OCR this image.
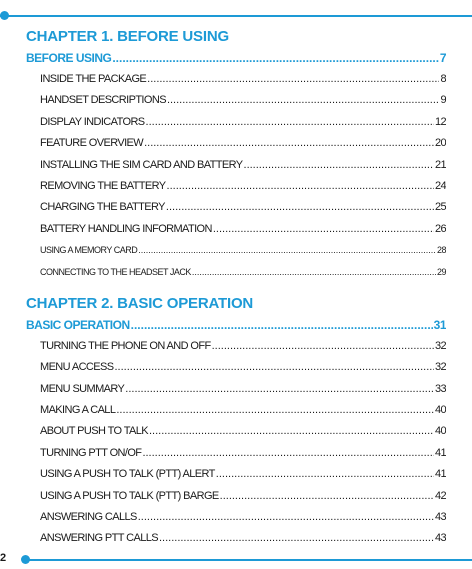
CHAPTER 1. BEFORE USING
BEFORE USING .....	7
INSIDE THE PACKAGE .....	8
HANDSET DESCRIPTIONS .....	9
DISPLAY INDICATORS .....	12
FEATURE OVERVIEW .....	20
INSTALLING THE SIM CARD AND BATTERY .....	21
REMOVING THE BATTERY .....	24
CHARGING THE BATTERY .....	25
BATTERY HANDLING INFORMATION .....	26
USING A MEMORY CARD .....	28
CONNECTING TO THE HEADSET JACK .....	29
CHAPTER 2. BASIC OPERATION
BASIC OPERATION .....	31
TURNING THE PHONE ON AND OFF .....	32
MENU ACCESS .....	32
MENU SUMMARY .....	33
MAKING A CALL .....	40
ABOUT PUSH TO TALK .....	40
TURNING PTT ON/OF .....	41
USING A PUSH TO TALK (PTT) ALERT .....	41
USING A PUSH TO TALK (PTT) BARGE .....	42
ANSWERING CALLS .....	43
ANSWERING PTT CALLS .....	43
2
